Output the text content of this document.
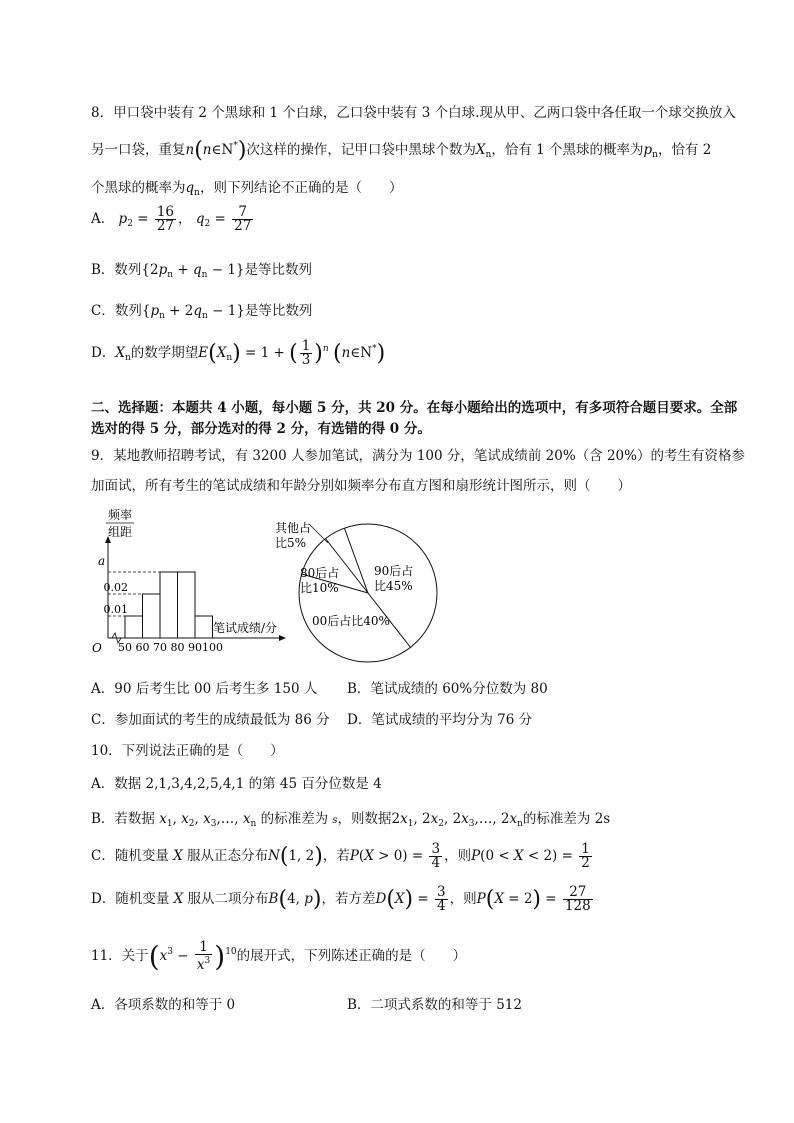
8．甲口袋中装有 2 个黑球和 1 个白球，乙口袋中装有 3 个白球.现从甲、乙两口袋中各任取一个球交换放入
另一口袋，重复n(n∈N*)次这样的操作，记甲口袋中黑球个数为$X_n$，恰有 1 个黑球的概率为$p_n$，恰有 2
个黑球的概率为$q_n$，则下列结论不正确的是（　　）
A． $p_2 = \frac{16}{27}$ ， $q_2 = \frac{7}{27}$
B．数列$\{2p_n + q_n - 1\}$是等比数列
C．数列$\{p_n + 2q_n - 1\}$是等比数列
D．$X_n$的数学期望$E(X_n) = 1$ + ( $\frac{1}{3} )^n$ (n∈N*)
二、选择题：本题共 4 小题，每小题 5 分，共 20 分。在每小题给出的选项中，有多项符合题目要求。全部
选对的得 5 分，部分选对的得 2 分，有选错的得 0 分。
9．某地教师招聘考试，有 3200 人参加笔试，满分为 100 分，笔试成绩前 20%（含 20%）的考生有资格参
加面试，所有考生的笔试成绩和年龄分别如频率分布直方图和扇形统计图所示，则（　　）
频率
组距
0.01
0.02
a
O 50 60 70 80 90 100
笔试成绩/分
其他占
比5%
80后占
比10%
90后占
比45%
00后占比40%
A．90 后考生比 00 后考生多 150 人 B．笔试成绩的 60%分位数为 80
C．参加面试的考生的成绩最低为 86 分 D．笔试成绩的平均分为 76 分
10．下列说法正确的是（　　）
A．数据 2,1,3,4,2,5,4,1 的第 45 百分位数是 4
B．若数据 $x_1$, $x_2$, $x_3,\dots$, $x_n$ 的标准差为 s，则数据$2x_1$, $2x_2$, $2x_3,\dots$, $2x_n$的标准差为 2s
C．随机变量 X 服从正态分布N(1, 2)，若$P(X > 0) = \frac{3}{4}$ ，则$P(0 < X < 2) = \frac{1}{2}$
D．随机变量 X 服从二项分布B(4, p)，若方差$D(X) = \frac{3}{4}$ ，则$P(X = 2) = \frac{27}{128}$
11．关于$(x^3 - \frac{1}{x^3} )^{10}$的展开式，下列陈述正确的是（　　）
A．各项系数的和等于 0	B．二项式系数的和等于 512
